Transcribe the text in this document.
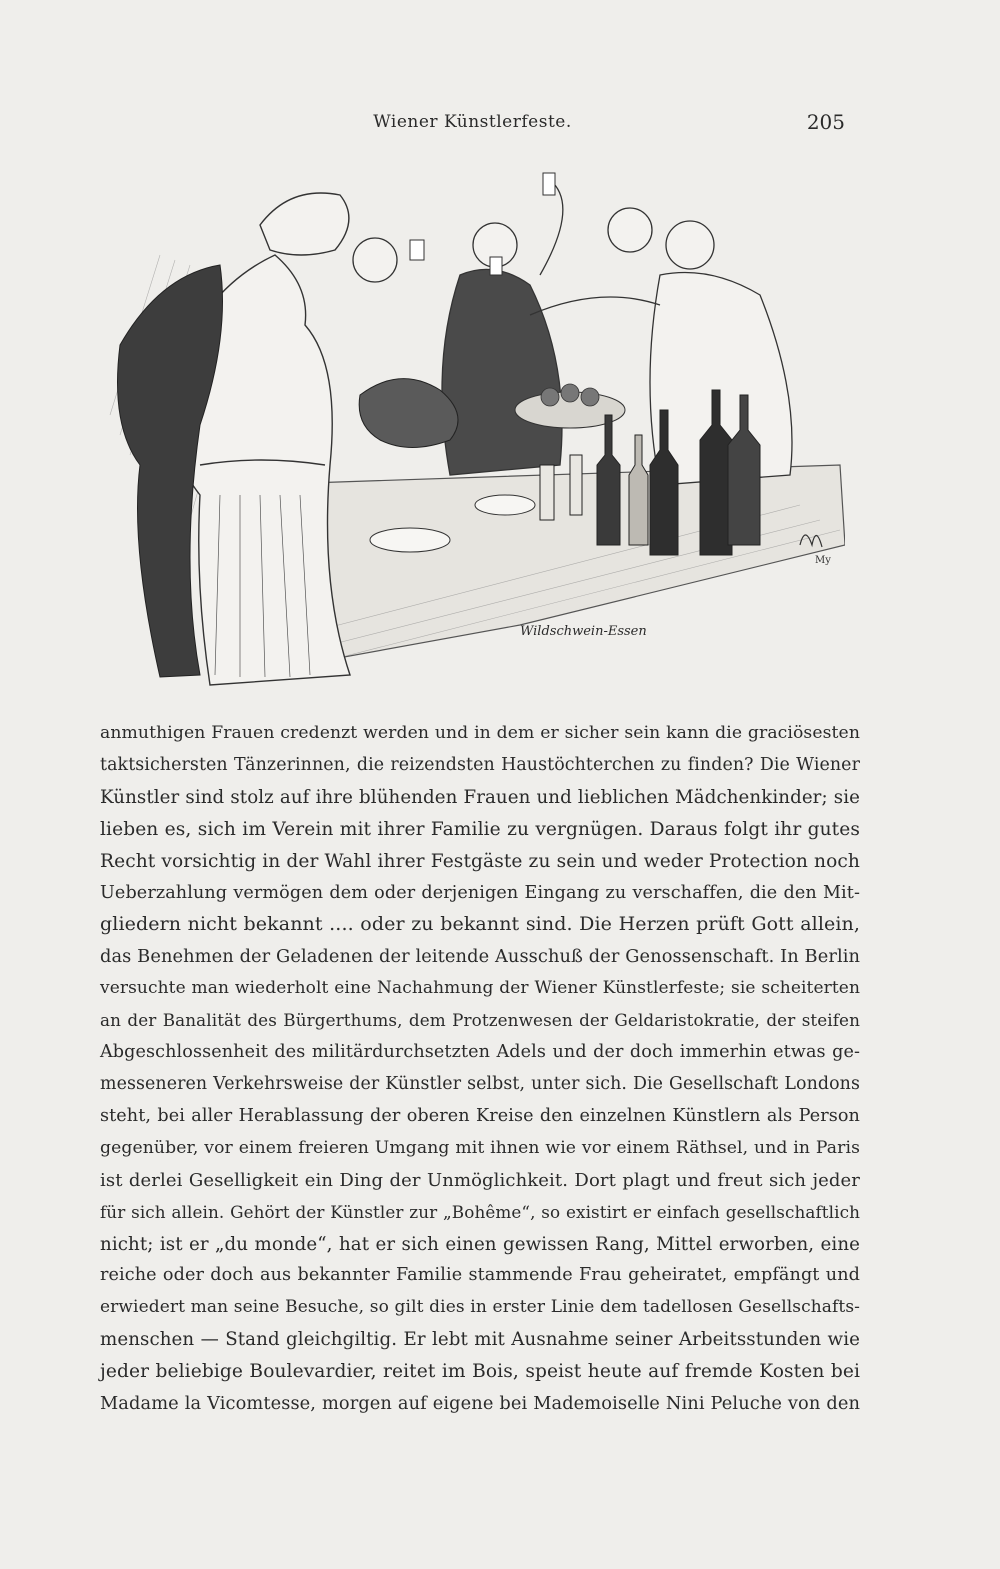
Wiener Künstlerfeste.	205
My
Wildschwein-Essen
anmuthigen Frauen credenzt werden und in dem er sicher sein kann die graciösesten
taktsichersten Tänzerinnen, die reizendsten Haustöchterchen zu finden? Die Wiener
Künstler sind stolz auf ihre blühenden Frauen und lieblichen Mädchenkinder; sie
lieben es, sich im Verein mit ihrer Familie zu vergnügen. Daraus folgt ihr gutes
Recht vorsichtig in der Wahl ihrer Festgäste zu sein und weder Protection noch
Ueberzahlung vermögen dem oder derjenigen Eingang zu verschaffen, die den Mit-
gliedern nicht bekannt .... oder zu bekannt sind. Die Herzen prüft Gott allein,
das Benehmen der Geladenen der leitende Ausschuß der Genossenschaft. In Berlin
versuchte man wiederholt eine Nachahmung der Wiener Künstlerfeste; sie scheiterten
an der Banalität des Bürgerthums, dem Protzenwesen der Geldaristokratie, der steifen
Abgeschlossenheit des militärdurchsetzten Adels und der doch immerhin etwas ge-
messeneren Verkehrsweise der Künstler selbst, unter sich. Die Gesellschaft Londons
steht, bei aller Herablassung der oberen Kreise den einzelnen Künstlern als Person
gegenüber, vor einem freieren Umgang mit ihnen wie vor einem Räthsel, und in Paris
ist derlei Geselligkeit ein Ding der Unmöglichkeit. Dort plagt und freut sich jeder
für sich allein. Gehört der Künstler zur „Bohême“, so existirt er einfach gesellschaftlich
nicht; ist er „du monde“, hat er sich einen gewissen Rang, Mittel erworben, eine
reiche oder doch aus bekannter Familie stammende Frau geheiratet, empfängt und
erwiedert man seine Besuche, so gilt dies in erster Linie dem tadellosen Gesellschafts-
menschen — Stand gleichgiltig. Er lebt mit Ausnahme seiner Arbeitsstunden wie
jeder beliebige Boulevardier, reitet im Bois, speist heute auf fremde Kosten bei
Madame la Vicomtesse, morgen auf eigene bei Mademoiselle Nini Peluche von den
